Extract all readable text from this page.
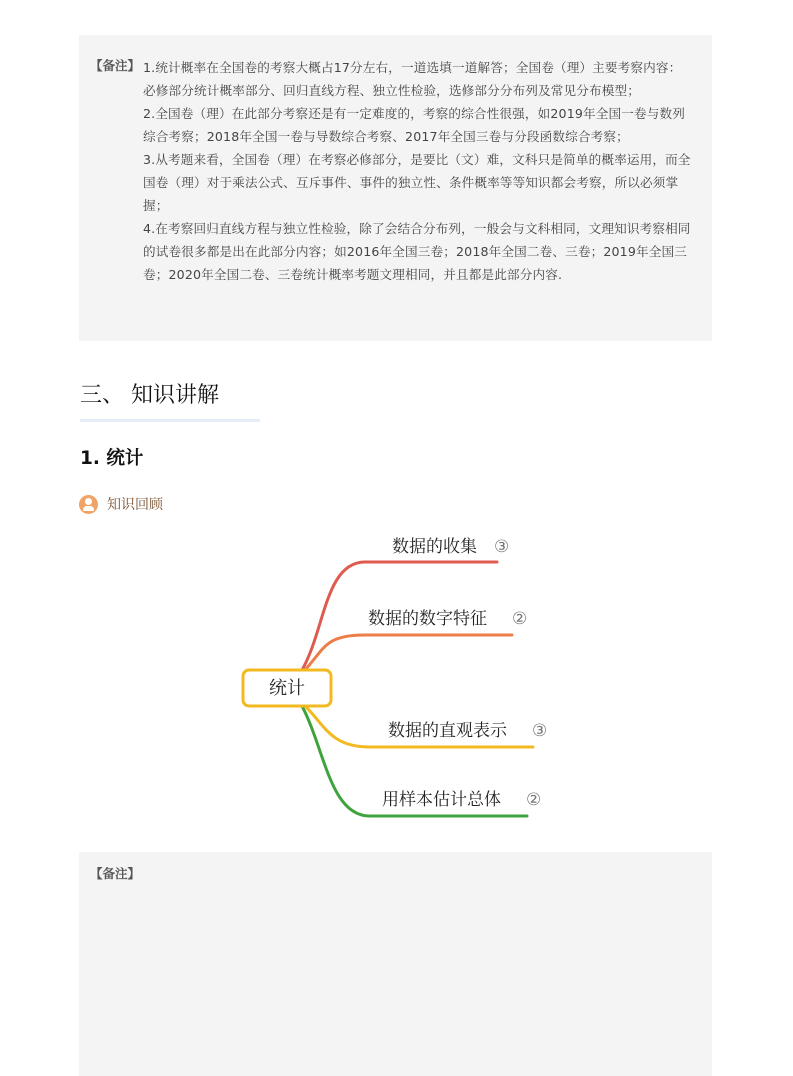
【备注】 1.统计概率在全国卷的考察大概占17分左右，一道选填一道解答；全国卷（理）主要考察内容：必修部分统计概率部分、回归直线方程、独立性检验，选修部分分布列及常见分布模型；
2.全国卷（理）在此部分考察还是有一定难度的，考察的综合性很强，如2019年全国一卷与数列综合考察；2018年全国一卷与导数综合考察、2017年全国三卷与分段函数综合考察；
3.从考题来看，全国卷（理）在考察必修部分，是要比（文）难，文科只是简单的概率运用，而全国卷（理）对于乘法公式、互斥事件、事件的独立性、条件概率等等知识都会考察，所以必须掌握；
4.在考察回归直线方程与独立性检验，除了会结合分布列，一般会与文科相同，文理知识考察相同的试卷很多都是出在此部分内容；如2016年全国三卷；2018年全国二卷、三卷；2019年全国三卷；2020年全国二卷、三卷统计概率考题文理相同，并且都是此部分内容.
三、 知识讲解
1. 统计
知识回顾
统计
数据的收集 ③
数据的数字特征 ②
数据的直观表示 ③
用样本估计总体 ②
【备注】
